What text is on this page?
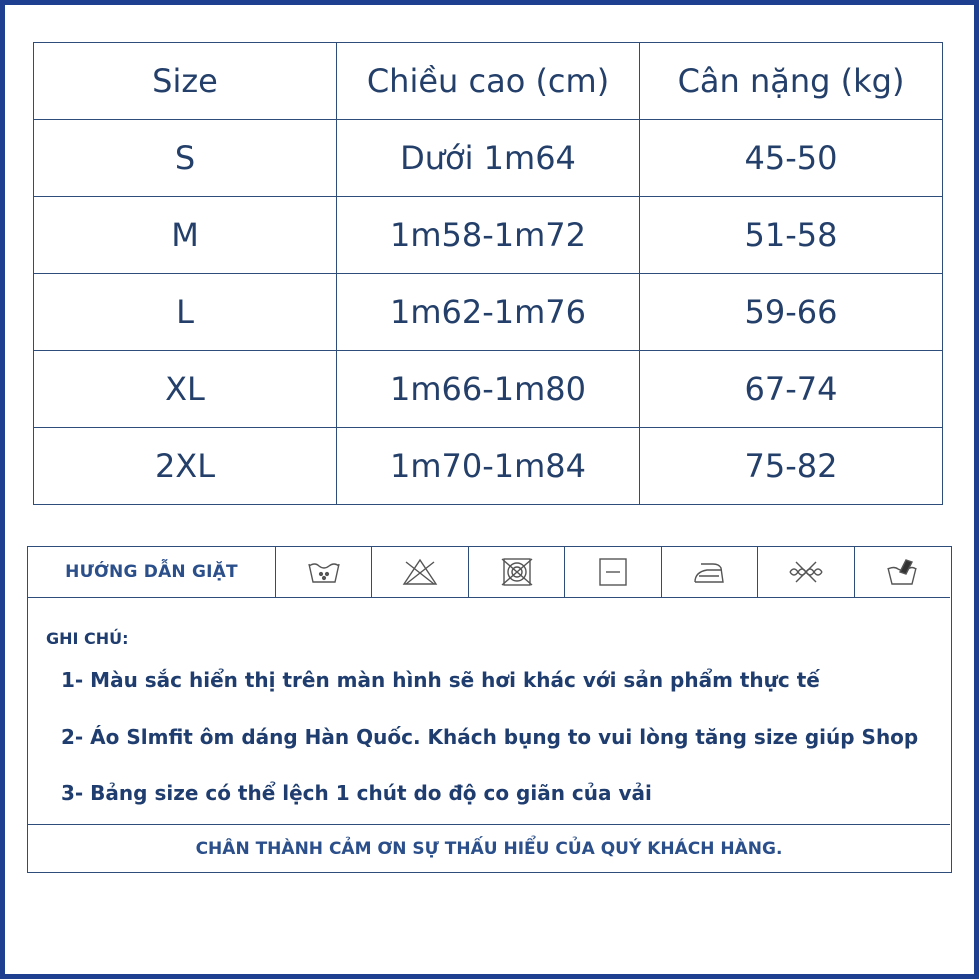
Size	Chiều cao (cm)	Cân nặng (kg)
S	Dưới 1m64	45-50
M	1m58-1m72	51-58
L	1m62-1m76	59-66
XL	1m66-1m80	67-74
2XL	1m70-1m84	75-82
HƯỚNG DẪN GIẶT
GHI CHÚ:
1- Màu sắc hiển thị trên màn hình sẽ hơi khác với sản phẩm thực tế
2- Áo Slmfit ôm dáng Hàn Quốc. Khách bụng to vui lòng tăng size giúp Shop
3- Bảng size có thể lệch 1 chút do độ co giãn của vải
CHÂN THÀNH CẢM ƠN SỰ THẤU HIỂU CỦA QUÝ KHÁCH HÀNG.
